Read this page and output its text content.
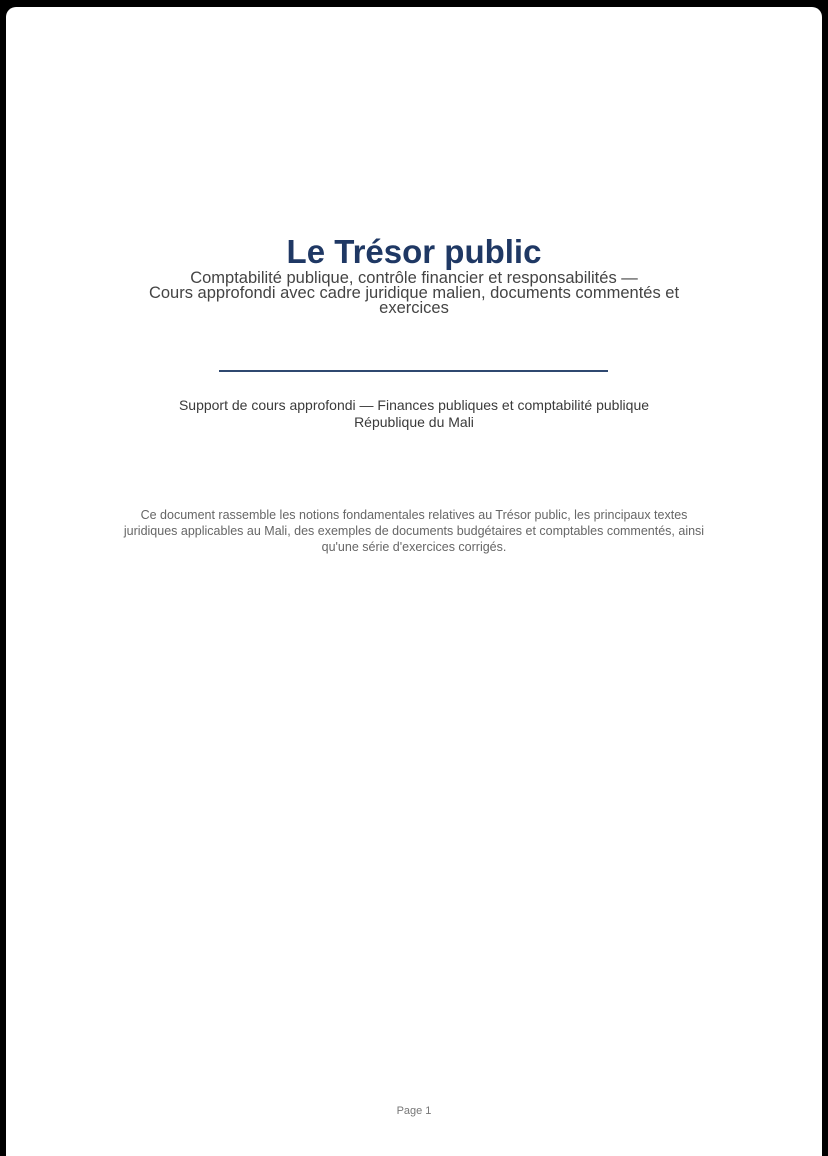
Le Trésor public
Comptabilité publique, contrôle financier et responsabilités —
Cours approfondi avec cadre juridique malien, documents commentés et
exercices
Support de cours approfondi — Finances publiques et comptabilité publique
République du Mali
Ce document rassemble les notions fondamentales relatives au Trésor public, les principaux textes
juridiques applicables au Mali, des exemples de documents budgétaires et comptables commentés, ainsi
qu'une série d'exercices corrigés.
Page 1
